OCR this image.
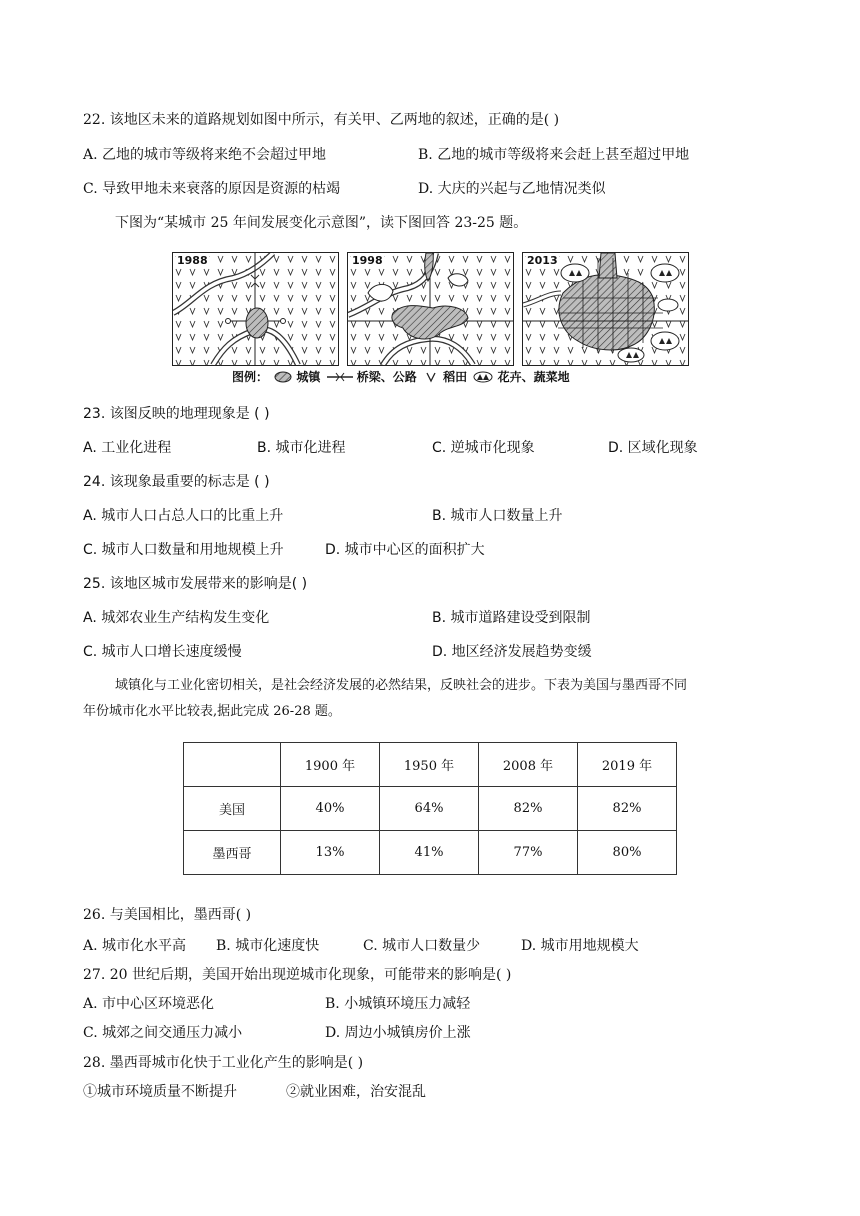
22. 该地区未来的道路规划如图中所示，有关甲、乙两地的叙述，正确的是( )
A. 乙地的城市等级将来绝不会超过甲地	B. 乙地的城市等级将来会赶上甚至超过甲地
C. 导致甲地未来衰落的原因是资源的枯竭	D. 大庆的兴起与乙地情况类似
下图为“某城市 25 年间发展变化示意图”，读下图回答 23-25 题。
1988	1998	2013
图例： 城镇	桥梁、公路 稻田	花卉、蔬菜地
23. 该图反映的地理现象是 ( )
A. 工业化进程	B. 城市化进程	C. 逆城市化现象	D. 区域化现象
24. 该现象最重要的标志是 ( )
A. 城市人口占总人口的比重上升	B. 城市人口数量上升
C. 城市人口数量和用地规模上升	D. 城市中心区的面积扩大
25. 该地区城市发展带来的影响是( )
A. 城郊农业生产结构发生变化	B. 城市道路建设受到限制
C. 城市人口增长速度缓慢	D. 地区经济发展趋势变缓
域镇化与工业化密切相关，是社会经济发展的必然结果，反映社会的进步。下表为美国与墨西哥不同
年份城市化水平比较表,据此完成 26-28 题。
	1900 年	1950 年	2008 年	2019 年
美国	40%	64%	82%	82%
墨西哥	13%	41%	77%	80%
26. 与美国相比，墨西哥( )
A. 城市化水平高 B. 城市化速度快	C. 城市人口数量少	D. 城市用地规模大
27. 20 世纪后期，美国开始出现逆城市化现象，可能带来的影响是( )
A. 市中心区环境恶化	B. 小城镇环境压力减轻
C. 城郊之间交通压力减小	D. 周边小城镇房价上涨
28. 墨西哥城市化快于工业化产生的影响是( )
①城市环境质量不断提升	②就业困难，治安混乱
